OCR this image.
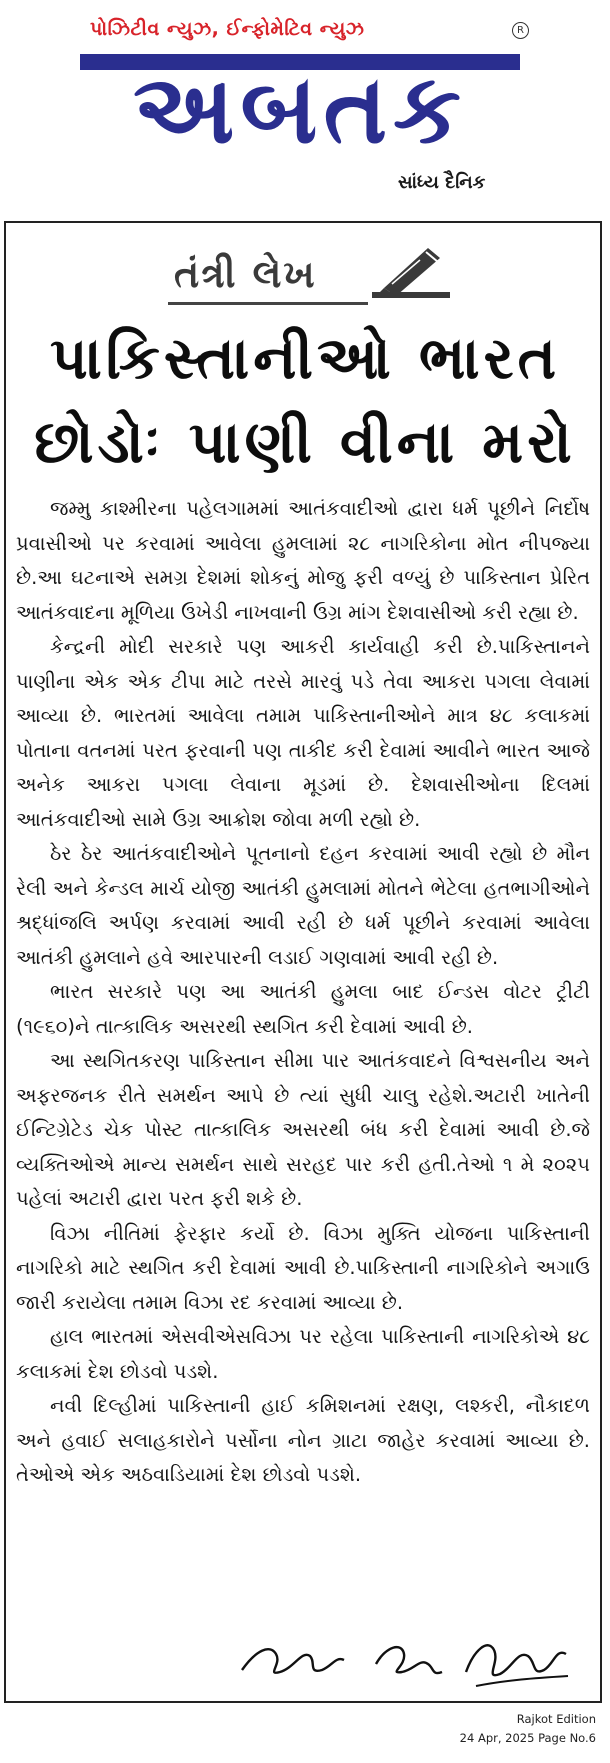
પોઝિટીવ ન્યુઝ, ઈન્ફોમેટિવ ન્યુઝ	R
અબતક
સાંધ્ય દૈનિક
તંત્રી લેખ
પાકિસ્તાનીઓ ભારત
છોડોઃ પાણી વીના મરો

જમ્મુ કાશ્મીરના પહેલગામમાં આતંકવાદીઓ દ્વારા ધર્મ પૂછીને નિર્દોષ પ્રવાસીઓ પર કરવામાં આવેલા હુમલામાં ૨૮ નાગરિકોના મોત નીપજ્યા છે.આ ઘટનાએ સમગ્ર દેશમાં શોકનું મોજુ ફરી વળ્યું છે પાકિસ્તાન પ્રેરિત આતંકવાદના મૂળિયા ઉખેડી નાખવાની ઉગ્ર માંગ દેશવાસીઓ કરી રહ્યા છે.

કેન્દ્રની મોદી સરકારે પણ આકરી કાર્યવાહી કરી છે.પાકિસ્તાનને પાણીના એક એક ટીપા માટે તરસે મારવું પડે તેવા આકરા પગલા લેવામાં આવ્યા છે. ભારતમાં આવેલા તમામ પાકિસ્તાનીઓને માત્ર ૪૮ કલાકમાં પોતાના વતનમાં પરત ફરવાની પણ તાકીદ કરી દેવામાં આવીને ભારત આજે અનેક આકરા પગલા લેવાના મૂડમાં છે. દેશવાસીઓના દિલમાં આતંકવાદીઓ સામે ઉગ્ર આક્રોશ જોવા મળી રહ્યો છે.

ઠેર ઠેર આતંકવાદીઓને પૂતનાનો દહન કરવામાં આવી રહ્યો છે મૌન રેલી અને કેન્ડલ માર્ચ યોજી આતંકી હુમલામાં મોતને ભેટેલા હતભાગીઓને શ્રદ્ધાંજલિ અર્પણ કરવામાં આવી રહી છે ધર્મ પૂછીને કરવામાં આવેલા આતંકી હુમલાને હવે આરપારની લડાઈ ગણવામાં આવી રહી છે.

ભારત સરકારે પણ આ આતંકી હુમલા બાદ ઈન્ડસ વોટર ટ્રીટી (૧૯૬૦)ને તાત્કાલિક અસરથી સ્થગિત કરી દેવામાં આવી છે.

આ સ્થગિતકરણ પાકિસ્તાન સીમા પાર આતંકવાદને વિશ્વસનીય અને અફરજનક રીતે સમર્થન આપે છે ત્યાં સુધી ચાલુ રહેશે.અટારી ખાતેની ઈન્ટિગ્રેટેડ ચેક પોસ્ટ તાત્કાલિક અસરથી બંધ કરી દેવામાં આવી છે.જે વ્યક્તિઓએ માન્ય સમર્થન સાથે સરહદ પાર કરી હતી.તેઓ ૧ મે ૨૦૨૫ પહેલાં અટારી દ્વારા પરત ફરી શકે છે.

વિઝા નીતિમાં ફેરફાર કર્યો છે. વિઝા મુક્તિ યોજના પાકિસ્તાની નાગરિકો માટે સ્થગિત કરી દેવામાં આવી છે.પાકિસ્તાની નાગરિકોને અગાઉ જારી કરાયેલા તમામ વિઝા રદ કરવામાં આવ્યા છે.

હાલ ભારતમાં એસવીએસવિઝા પર રહેલા પાકિસ્તાની નાગરિકોએ ૪૮ કલાકમાં દેશ છોડવો પડશે.

નવી દિલ્હીમાં પાકિસ્તાની હાઈ કમિશનમાં રક્ષણ, લશ્કરી, નૌકાદળ અને હવાઈ સલાહકારોને પર્સોના નોન ગ્રાટા જાહેર કરવામાં આવ્યા છે. તેઓએ એક અઠવાડિયામાં દેશ છોડવો પડશે.

Rajkot Edition
24 Apr, 2025 Page No.6
